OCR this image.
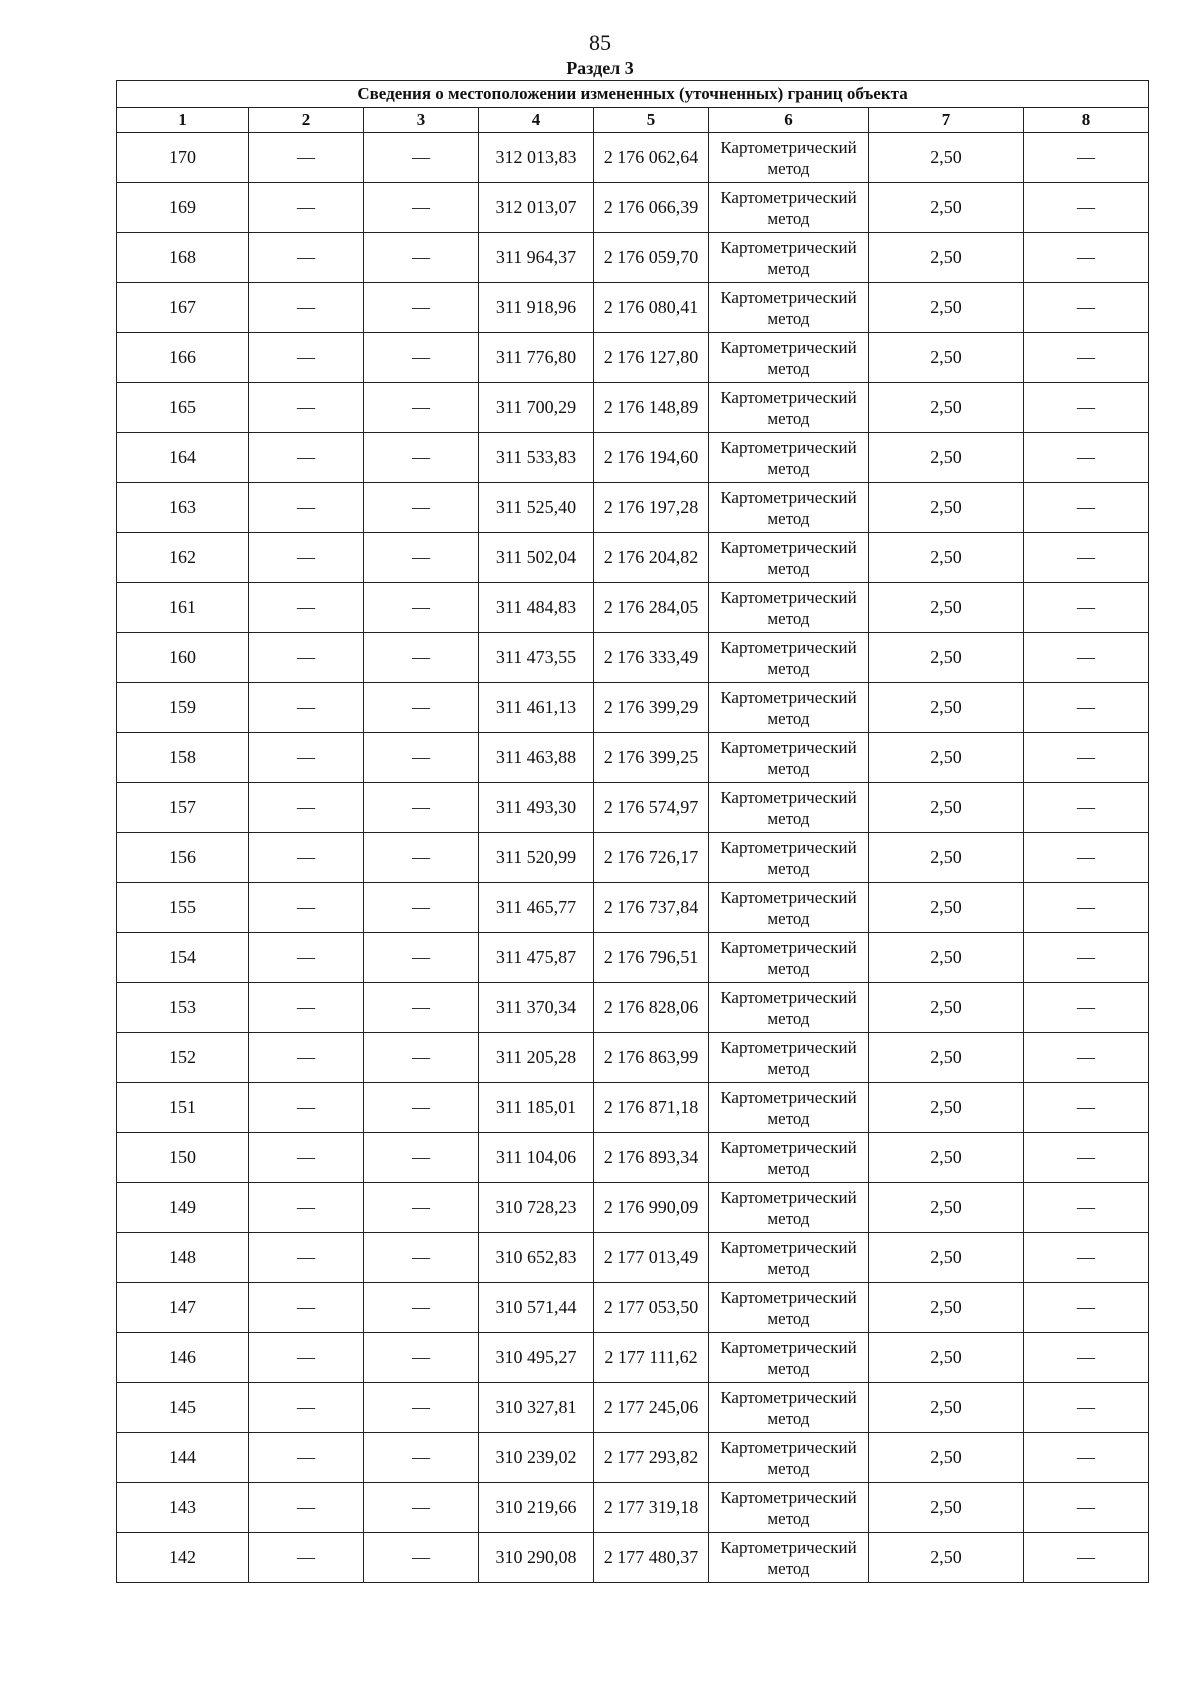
85
Раздел 3
Сведения о местоположении измененных (уточненных) границ объекта							
1	2	3	4	5	6	7	8
170	—	—	312 013,83	2 176 062,64	Картометрический метод	2,50	—
169	—	—	312 013,07	2 176 066,39	Картометрический метод	2,50	—
168	—	—	311 964,37	2 176 059,70	Картометрический метод	2,50	—
167	—	—	311 918,96	2 176 080,41	Картометрический метод	2,50	—
166	—	—	311 776,80	2 176 127,80	Картометрический метод	2,50	—
165	—	—	311 700,29	2 176 148,89	Картометрический метод	2,50	—
164	—	—	311 533,83	2 176 194,60	Картометрический метод	2,50	—
163	—	—	311 525,40	2 176 197,28	Картометрический метод	2,50	—
162	—	—	311 502,04	2 176 204,82	Картометрический метод	2,50	—
161	—	—	311 484,83	2 176 284,05	Картометрический метод	2,50	—
160	—	—	311 473,55	2 176 333,49	Картометрический метод	2,50	—
159	—	—	311 461,13	2 176 399,29	Картометрический метод	2,50	—
158	—	—	311 463,88	2 176 399,25	Картометрический метод	2,50	—
157	—	—	311 493,30	2 176 574,97	Картометрический метод	2,50	—
156	—	—	311 520,99	2 176 726,17	Картометрический метод	2,50	—
155	—	—	311 465,77	2 176 737,84	Картометрический метод	2,50	—
154	—	—	311 475,87	2 176 796,51	Картометрический метод	2,50	—
153	—	—	311 370,34	2 176 828,06	Картометрический метод	2,50	—
152	—	—	311 205,28	2 176 863,99	Картометрический метод	2,50	—
151	—	—	311 185,01	2 176 871,18	Картометрический метод	2,50	—
150	—	—	311 104,06	2 176 893,34	Картометрический метод	2,50	—
149	—	—	310 728,23	2 176 990,09	Картометрический метод	2,50	—
148	—	—	310 652,83	2 177 013,49	Картометрический метод	2,50	—
147	—	—	310 571,44	2 177 053,50	Картометрический метод	2,50	—
146	—	—	310 495,27	2 177 111,62	Картометрический метод	2,50	—
145	—	—	310 327,81	2 177 245,06	Картометрический метод	2,50	—
144	—	—	310 239,02	2 177 293,82	Картометрический метод	2,50	—
143	—	—	310 219,66	2 177 319,18	Картометрический метод	2,50	—
142	—	—	310 290,08	2 177 480,37	Картометрический метод	2,50	—
